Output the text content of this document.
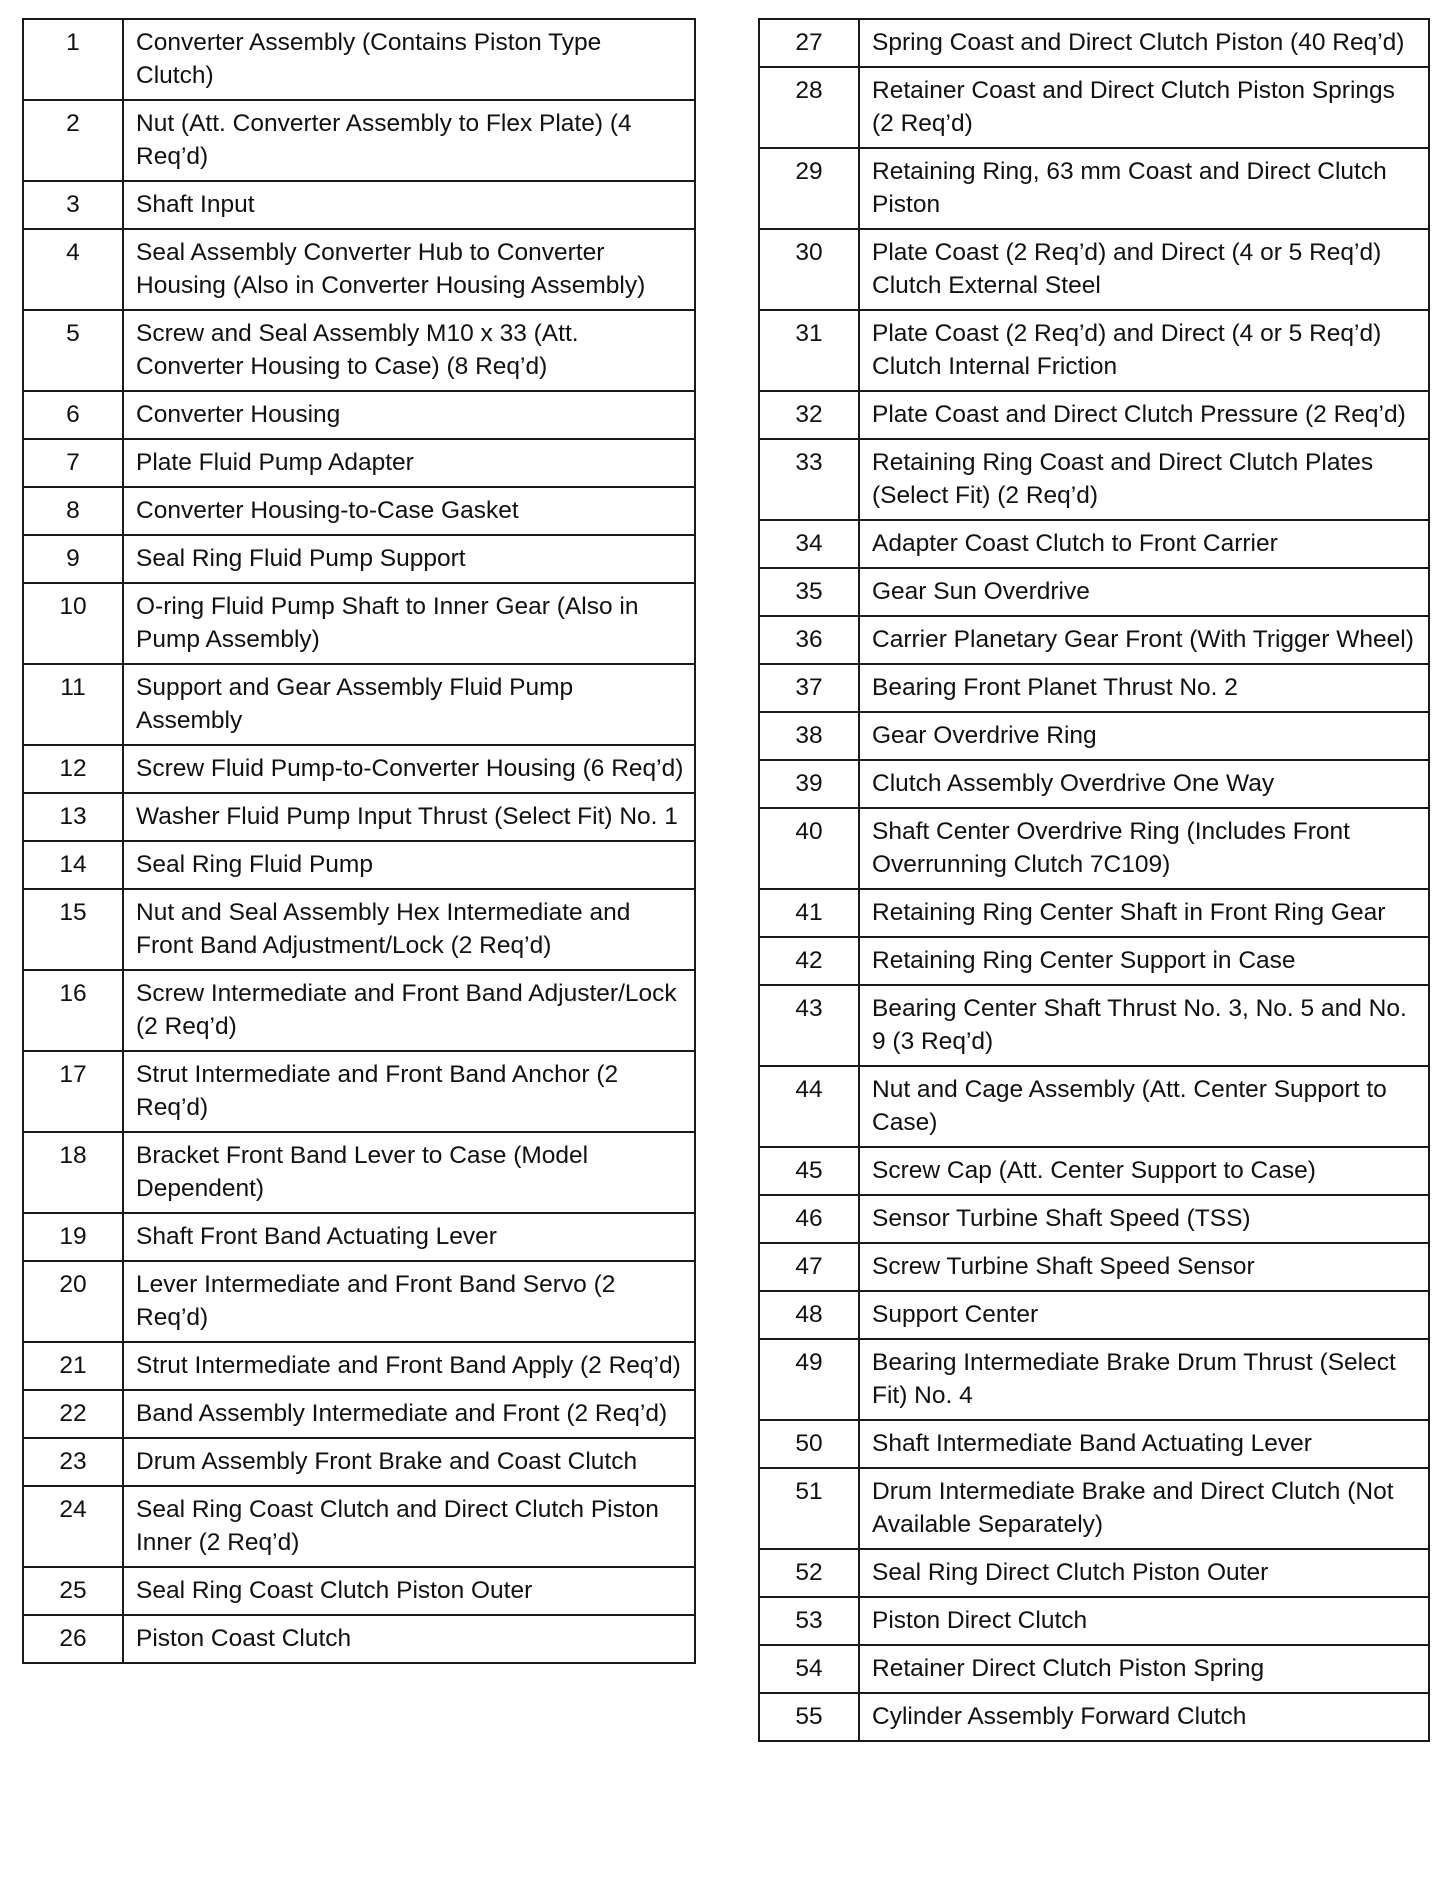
1	Converter Assembly (Contains Piston Type Clutch)
2	Nut (Att. Converter Assembly to Flex Plate) (4 Req’d)
3	Shaft Input
4	Seal Assembly Converter Hub to Converter Housing (Also in Converter Housing Assembly)
5	Screw and Seal Assembly M10 x 33 (Att. Converter Housing to Case) (8 Req’d)
6	Converter Housing
7	Plate Fluid Pump Adapter
8	Converter Housing-to-Case Gasket
9	Seal Ring Fluid Pump Support
10	O-ring Fluid Pump Shaft to Inner Gear (Also in Pump Assembly)
11	Support and Gear Assembly Fluid Pump Assembly
12	Screw Fluid Pump-to-Converter Housing (6 Req’d)
13	Washer Fluid Pump Input Thrust (Select Fit) No. 1
14	Seal Ring Fluid Pump
15	Nut and Seal Assembly Hex Intermediate and Front Band Adjustment/Lock (2 Req’d)
16	Screw Intermediate and Front Band Adjuster/Lock (2 Req’d)
17	Strut Intermediate and Front Band Anchor (2 Req’d)
18	Bracket Front Band Lever to Case (Model Dependent)
19	Shaft Front Band Actuating Lever
20	Lever Intermediate and Front Band Servo (2 Req’d)
21	Strut Intermediate and Front Band Apply (2 Req’d)
22	Band Assembly Intermediate and Front (2 Req’d)
23	Drum Assembly Front Brake and Coast Clutch
24	Seal Ring Coast Clutch and Direct Clutch Piston Inner (2 Req’d)
25	Seal Ring Coast Clutch Piston Outer
26	Piston Coast Clutch
27	Spring Coast and Direct Clutch Piston (40 Req’d)
28	Retainer Coast and Direct Clutch Piston Springs (2 Req’d)
29	Retaining Ring, 63 mm Coast and Direct Clutch Piston
30	Plate Coast (2 Req’d) and Direct (4 or 5 Req’d) Clutch External Steel
31	Plate Coast (2 Req’d) and Direct (4 or 5 Req’d) Clutch Internal Friction
32	Plate Coast and Direct Clutch Pressure (2 Req’d)
33	Retaining Ring Coast and Direct Clutch Plates (Select Fit) (2 Req’d)
34	Adapter Coast Clutch to Front Carrier
35	Gear Sun Overdrive
36	Carrier Planetary Gear Front (With Trigger Wheel)
37	Bearing Front Planet Thrust No. 2
38	Gear Overdrive Ring
39	Clutch Assembly Overdrive One Way
40	Shaft Center Overdrive Ring (Includes Front Overrunning Clutch 7C109)
41	Retaining Ring Center Shaft in Front Ring Gear
42	Retaining Ring Center Support in Case
43	Bearing Center Shaft Thrust No. 3, No. 5 and No. 9 (3 Req’d)
44	Nut and Cage Assembly (Att. Center Support to Case)
45	Screw Cap (Att. Center Support to Case)
46	Sensor Turbine Shaft Speed (TSS)
47	Screw Turbine Shaft Speed Sensor
48	Support Center
49	Bearing Intermediate Brake Drum Thrust (Select Fit) No. 4
50	Shaft Intermediate Band Actuating Lever
51	Drum Intermediate Brake and Direct Clutch (Not Available Separately)
52	Seal Ring Direct Clutch Piston Outer
53	Piston Direct Clutch
54	Retainer Direct Clutch Piston Spring
55	Cylinder Assembly Forward Clutch
